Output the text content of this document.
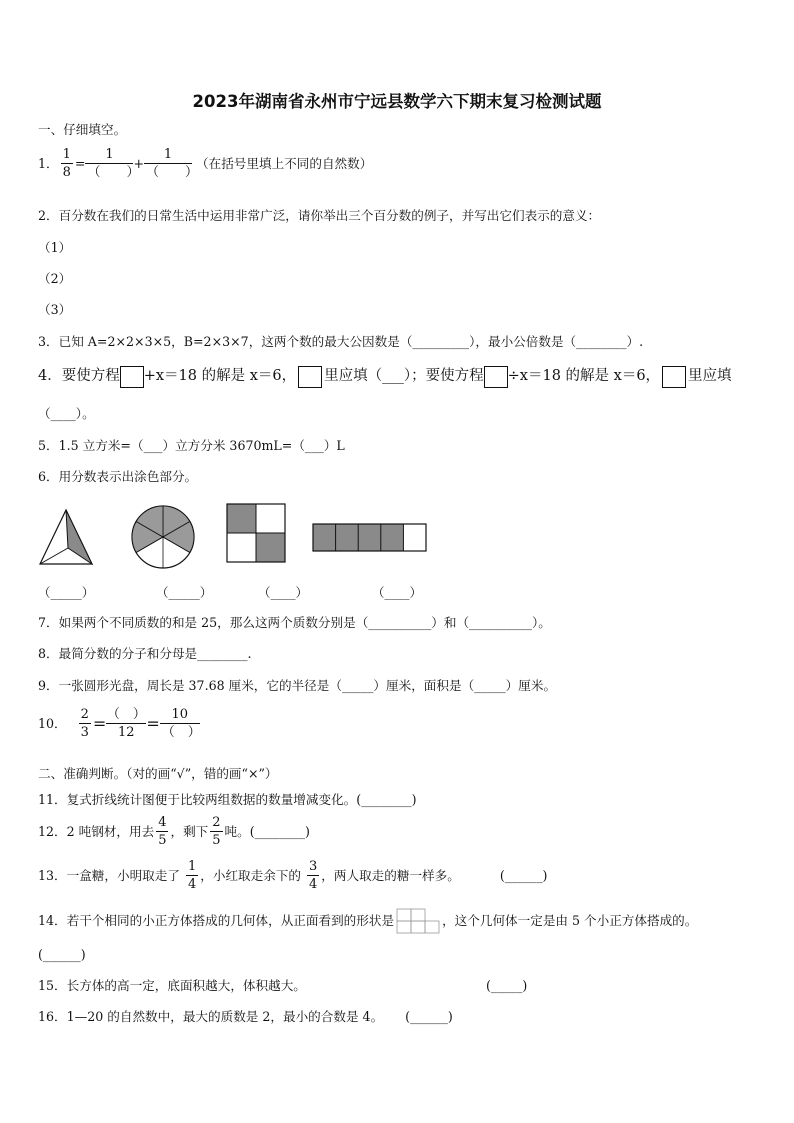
2023年湖南省永州市宁远县数学六下期末复习检测试题
一、仔细填空。
1． $\frac{1}{8} = \frac{1}{( )} + \frac{1}{( )}$ （在括号里填上不同的自然数）
2．百分数在我们的日常生活中运用非常广泛，请你举出三个百分数的例子，并写出它们表示的意义：
（1）
（2）
（3）
3．已知 A=2×2×3×5，B=2×3×7，这两个数的最大公因数是（_________），最小公倍数是（________）.
4．要使方程 +x＝18 的解是 x＝6， 里应填（___）；要使方程 ÷x＝18 的解是 x＝6， 里应填
（____）。
5．1.5 立方米=（___）立方分米 3670mL=（___）L
6．用分数表示出涂色部分。
（_____）	（_____）	（____）	（____）
7．如果两个不同质数的和是 25，那么这两个质数分别是（__________）和（__________）。
8．最简分数的分子和分母是________.
9．一张圆形光盘，周长是 37.68 厘米，它的半径是（_____）厘米，面积是（_____）厘米。
10． $\frac{2}{3} = \frac{( )}{12} = \frac{10}{( )}$
二、准确判断。（对的画“√”，错的画“×”）
11．复式折线统计图便于比较两组数据的数量增减变化。(________)
12．2 吨钢材，用去 $\frac{4}{5}$ ，剩下 $\frac{2}{5}$ 吨。(________)
13．一盒糖，小明取走了 $\frac{1}{4}$ ，小红取走余下的 $\frac{3}{4}$ ，两人取走的糖一样多。	(______)
14．若干个相同的小正方体搭成的几何体，从正面看到的形状是	，这个几何体一定是由 5 个小正方体搭成的。
(______)
15．长方体的高一定，底面积越大，体积越大。	(_____)
16．1—20 的自然数中，最大的质数是 2，最小的合数是 4。 (______)
